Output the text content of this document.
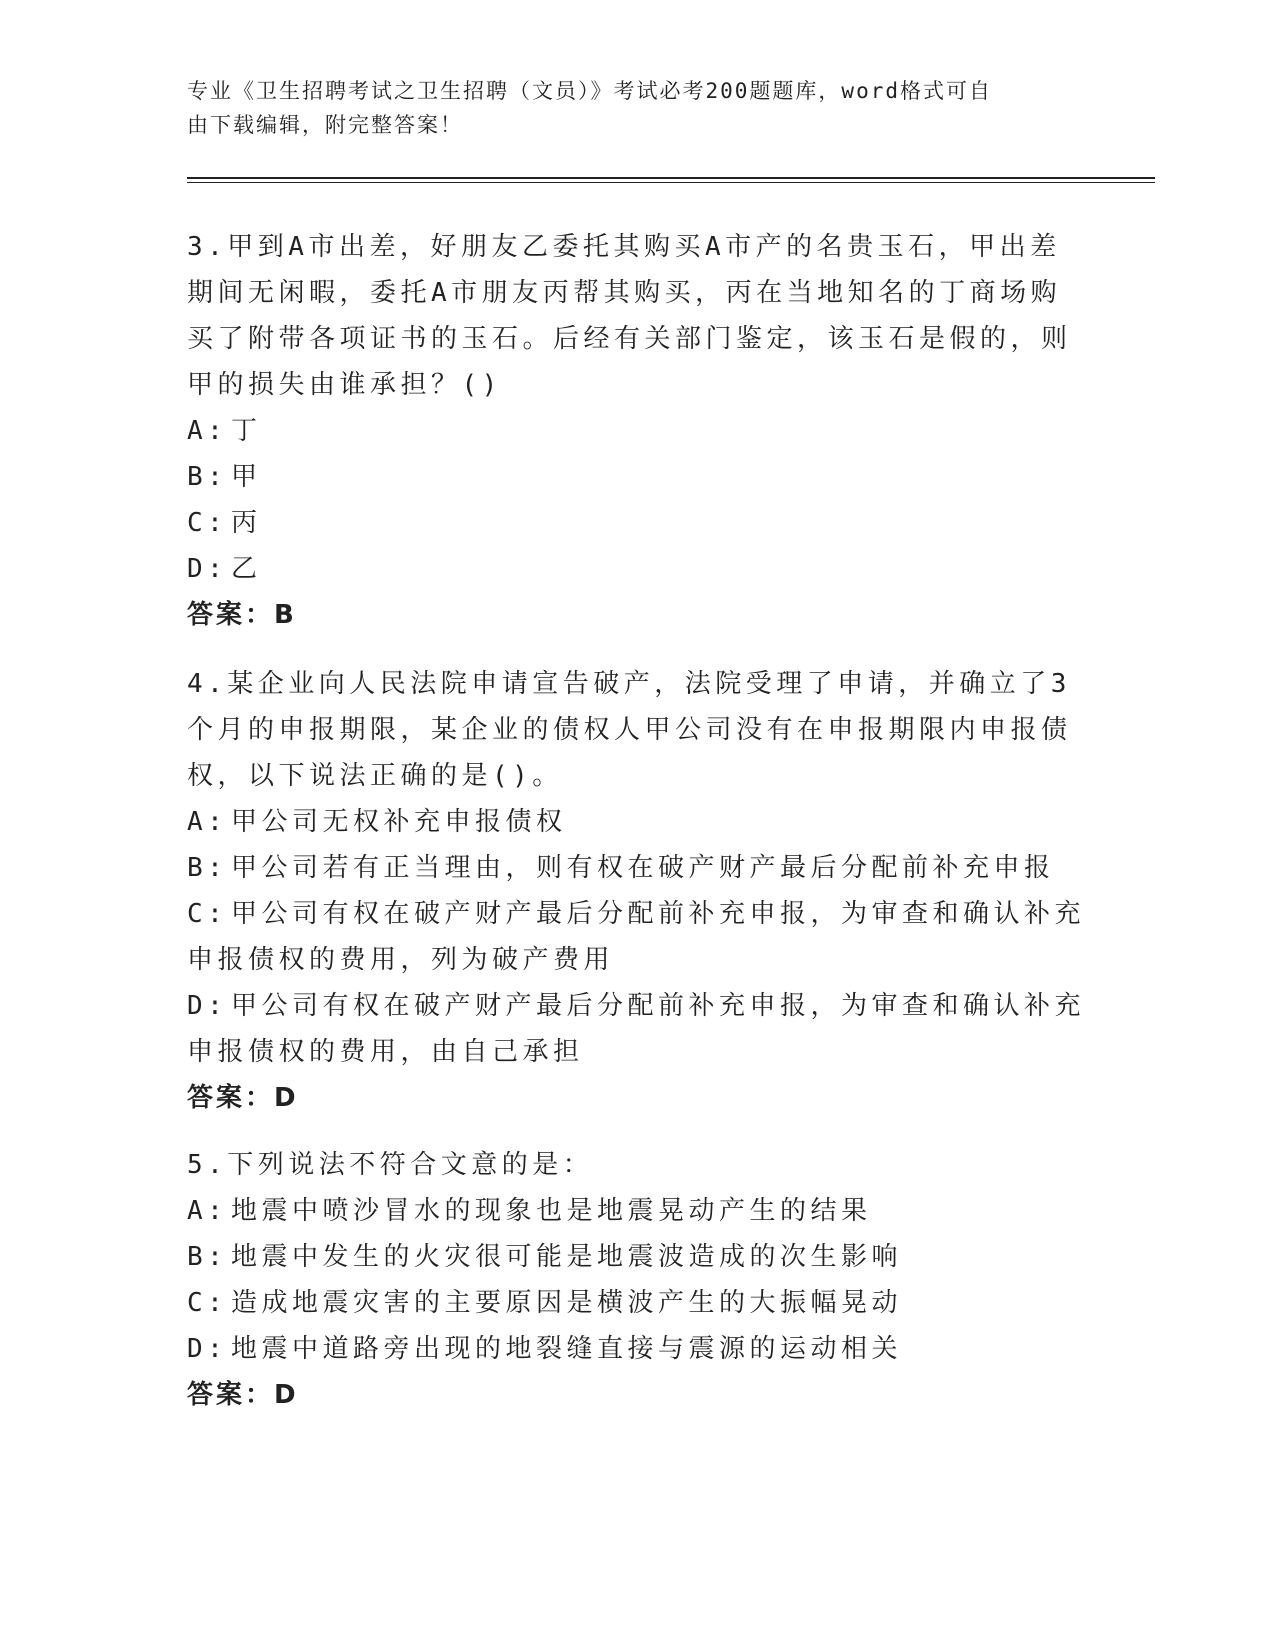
专业《卫生招聘考试之卫生招聘（文员）》考试必考200题题库，word格式可自
由下载编辑，附完整答案！
3.甲到A市出差，好朋友乙委托其购买A市产的名贵玉石，甲出差期间无闲暇，委托A市朋友丙帮其购买，丙在当地知名的丁商场购买了附带各项证书的玉石。后经有关部门鉴定，该玉石是假的，则甲的损失由谁承担？()
A: 丁
B: 甲
C: 丙
D: 乙
答案：B
4.某企业向人民法院申请宣告破产，法院受理了申请，并确立了3个月的申报期限，某企业的债权人甲公司没有在申报期限内申报债权，以下说法正确的是()。
A: 甲公司无权补充申报债权
B: 甲公司若有正当理由，则有权在破产财产最后分配前补充申报
C: 甲公司有权在破产财产最后分配前补充申报，为审查和确认补充申报债权的费用，列为破产费用
D: 甲公司有权在破产财产最后分配前补充申报，为审查和确认补充申报债权的费用，由自己承担
答案：D
5.下列说法不符合文意的是：
A: 地震中喷沙冒水的现象也是地震晃动产生的结果
B: 地震中发生的火灾很可能是地震波造成的次生影响
C: 造成地震灾害的主要原因是横波产生的大振幅晃动
D: 地震中道路旁出现的地裂缝直接与震源的运动相关
答案：D
